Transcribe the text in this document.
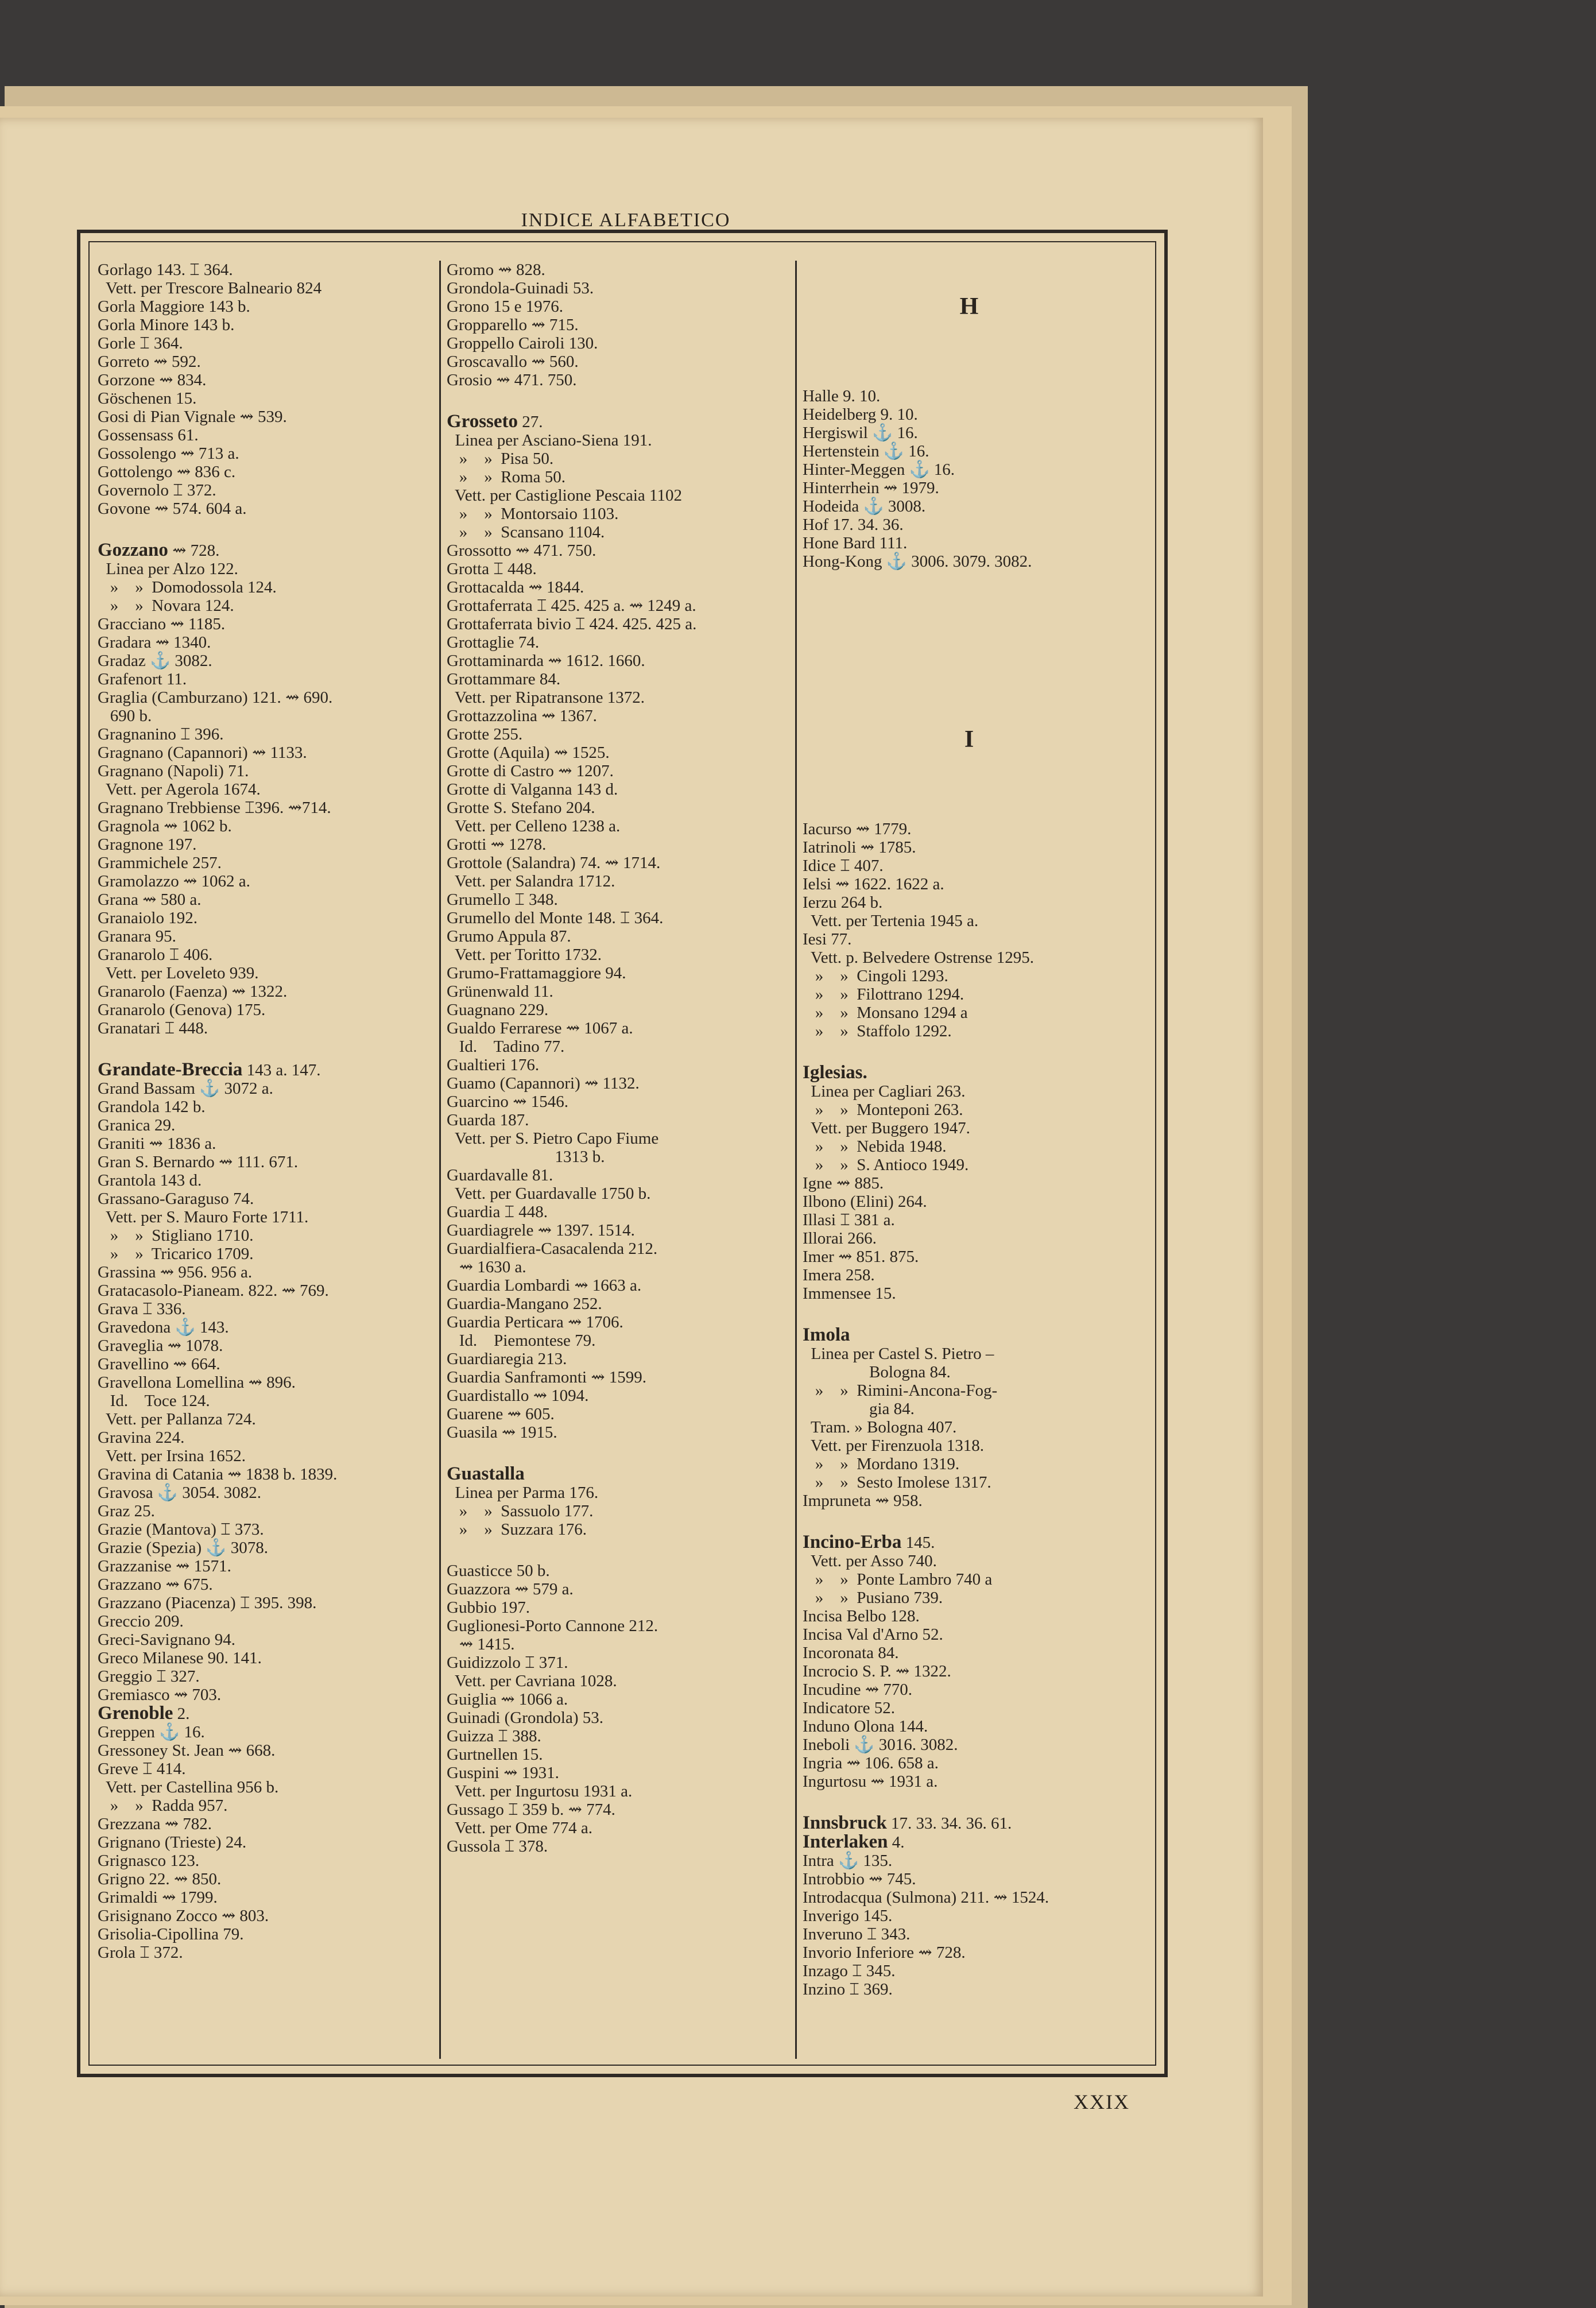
INDICE ALFABETICO
Gorlago 143. ⌶ 364.
Vett. per Trescore Balneario 824
Gorla Maggiore 143 b.
Gorla Minore 143 b.
Gorle ⌶ 364.
Gorreto ⇝ 592.
Gorzone ⇝ 834.
Göschenen 15.
Gosi di Pian Vignale ⇝ 539.
Gossensass 61.
Gossolengo ⇝ 713 a.
Gottolengo ⇝ 836 c.
Governolo ⌶ 372.
Govone ⇝ 574. 604 a.
Gozzano ⇝ 728.
Linea per Alzo 122.
»    »  Domodossola 124.
»    »  Novara 124.
Gracciano ⇝ 1185.
Gradara ⇝ 1340.
Gradaz ⚓ 3082.
Grafenort 11.
Graglia (Camburzano) 121. ⇝ 690.
690 b.
Gragnanino ⌶ 396.
Gragnano (Capannori) ⇝ 1133.
Gragnano (Napoli) 71.
Vett. per Agerola 1674.
Gragnano Trebbiense ⌶396. ⇝714.
Gragnola ⇝ 1062 b.
Gragnone 197.
Grammichele 257.
Gramolazzo ⇝ 1062 a.
Grana ⇝ 580 a.
Granaiolo 192.
Granara 95.
Granarolo ⌶ 406.
Vett. per Loveleto 939.
Granarolo (Faenza) ⇝ 1322.
Granarolo (Genova) 175.
Granatari ⌶ 448.
Grandate-Breccia 143 a. 147.
Grand Bassam ⚓ 3072 a.
Grandola 142 b.
Granica 29.
Graniti ⇝ 1836 a.
Gran S. Bernardo ⇝ 111. 671.
Grantola 143 d.
Grassano-Garaguso 74.
Vett. per S. Mauro Forte 1711.
»    »  Stigliano 1710.
»    »  Tricarico 1709.
Grassina ⇝ 956. 956 a.
Gratacasolo-Pianeam. 822. ⇝ 769.
Grava ⌶ 336.
Gravedona ⚓ 143.
Graveglia ⇝ 1078.
Gravellino ⇝ 664.
Gravellona Lomellina ⇝ 896.
Id.    Toce 124.
Vett. per Pallanza 724.
Gravina 224.
Vett. per Irsina 1652.
Gravina di Catania ⇝ 1838 b. 1839.
Gravosa ⚓ 3054. 3082.
Graz 25.
Grazie (Mantova) ⌶ 373.
Grazie (Spezia) ⚓ 3078.
Grazzanise ⇝ 1571.
Grazzano ⇝ 675.
Grazzano (Piacenza) ⌶ 395. 398.
Greccio 209.
Greci-Savignano 94.
Greco Milanese 90. 141.
Greggio ⌶ 327.
Gremiasco ⇝ 703.
Grenoble 2.
Greppen ⚓ 16.
Gressoney St. Jean ⇝ 668.
Greve ⌶ 414.
Vett. per Castellina 956 b.
»    »  Radda 957.
Grezzana ⇝ 782.
Grignano (Trieste) 24.
Grignasco 123.
Grigno 22. ⇝ 850.
Grimaldi ⇝ 1799.
Grisignano Zocco ⇝ 803.
Grisolia-Cipollina 79.
Grola ⌶ 372.
Gromo ⇝ 828.
Grondola-Guinadi 53.
Grono 15 e 1976.
Gropparello ⇝ 715.
Groppello Cairoli 130.
Groscavallo ⇝ 560.
Grosio ⇝ 471. 750.
Grosseto 27.
Linea per Asciano-Siena 191.
»    »  Pisa 50.
»    »  Roma 50.
Vett. per Castiglione Pescaia 1102
»    »  Montorsaio 1103.
»    »  Scansano 1104.
Grossotto ⇝ 471. 750.
Grotta ⌶ 448.
Grottacalda ⇝ 1844.
Grottaferrata ⌶ 425. 425 a. ⇝ 1249 a.
Grottaferrata bivio ⌶ 424. 425. 425 a.
Grottaglie 74.
Grottaminarda ⇝ 1612. 1660.
Grottammare 84.
Vett. per Ripatransone 1372.
Grottazzolina ⇝ 1367.
Grotte 255.
Grotte (Aquila) ⇝ 1525.
Grotte di Castro ⇝ 1207.
Grotte di Valganna 143 d.
Grotte S. Stefano 204.
Vett. per Celleno 1238 a.
Grotti ⇝ 1278.
Grottole (Salandra) 74. ⇝ 1714.
Vett. per Salandra 1712.
Grumello ⌶ 348.
Grumello del Monte 148. ⌶ 364.
Grumo Appula 87.
Vett. per Toritto 1732.
Grumo-Frattamaggiore 94.
Grünenwald 11.
Guagnano 229.
Gualdo Ferrarese ⇝ 1067 a.
Id.    Tadino 77.
Gualtieri 176.
Guamo (Capannori) ⇝ 1132.
Guarcino ⇝ 1546.
Guarda 187.
Vett. per S. Pietro Capo Fiume
1313 b.
Guardavalle 81.
Vett. per Guardavalle 1750 b.
Guardia ⌶ 448.
Guardiagrele ⇝ 1397. 1514.
Guardialfiera-Casacalenda 212.
⇝ 1630 a.
Guardia Lombardi ⇝ 1663 a.
Guardia-Mangano 252.
Guardia Perticara ⇝ 1706.
Id.    Piemontese 79.
Guardiaregia 213.
Guardia Sanframonti ⇝ 1599.
Guardistallo ⇝ 1094.
Guarene ⇝ 605.
Guasila ⇝ 1915.
Guastalla
Linea per Parma 176.
»    »  Sassuolo 177.
»    »  Suzzara 176.
Guasticce 50 b.
Guazzora ⇝ 579 a.
Gubbio 197.
Guglionesi-Porto Cannone 212.
⇝ 1415.
Guidizzolo ⌶ 371.
Vett. per Cavriana 1028.
Guiglia ⇝ 1066 a.
Guinadi (Grondola) 53.
Guizza ⌶ 388.
Gurtnellen 15.
Guspini ⇝ 1931.
Vett. per Ingurtosu 1931 a.
Gussago ⌶ 359 b. ⇝ 774.
Vett. per Ome 774 a.
Gussola ⌶ 378.

H

Halle 9. 10.
Heidelberg 9. 10.
Hergiswil ⚓ 16.
Hertenstein ⚓ 16.
Hinter-Meggen ⚓ 16.
Hinterrhein ⇝ 1979.
Hodeida ⚓ 3008.
Hof 17. 34. 36.
Hone Bard 111.
Hong-Kong ⚓ 3006. 3079. 3082.

I

Iacurso ⇝ 1779.
Iatrinoli ⇝ 1785.
Idice ⌶ 407.
Ielsi ⇝ 1622. 1622 a.
Ierzu 264 b.
Vett. per Tertenia 1945 a.
Iesi 77.
Vett. p. Belvedere Ostrense 1295.
»    »  Cingoli 1293.
»    »  Filottrano 1294.
»    »  Monsano 1294 a
»    »  Staffolo 1292.
Iglesias.
Linea per Cagliari 263.
»    »  Monteponi 263.
Vett. per Buggero 1947.
»    »  Nebida 1948.
»    »  S. Antioco 1949.
Igne ⇝ 885.
Ilbono (Elini) 264.
Illasi ⌶ 381 a.
Illorai 266.
Imer ⇝ 851. 875.
Imera 258.
Immensee 15.
Imola
Linea per Castel S. Pietro –
Bologna 84.
»    »  Rimini-Ancona-Fog-
gia 84.
Tram. » Bologna 407.
Vett. per Firenzuola 1318.
»    »  Mordano 1319.
»    »  Sesto Imolese 1317.
Impruneta ⇝ 958.
Incino-Erba 145.
Vett. per Asso 740.
»    »  Ponte Lambro 740 a
»    »  Pusiano 739.
Incisa Belbo 128.
Incisa Val d'Arno 52.
Incoronata 84.
Incrocio S. P. ⇝ 1322.
Incudine ⇝ 770.
Indicatore 52.
Induno Olona 144.
Ineboli ⚓ 3016. 3082.
Ingria ⇝ 106. 658 a.
Ingurtosu ⇝ 1931 a.
Innsbruck 17. 33. 34. 36. 61.
Interlaken 4.
Intra ⚓ 135.
Introbbio ⇝ 745.
Introdacqua (Sulmona) 211. ⇝ 1524.
Inverigo 145.
Inveruno ⌶ 343.
Invorio Inferiore ⇝ 728.
Inzago ⌶ 345.
Inzino ⌶ 369.

XXIX
